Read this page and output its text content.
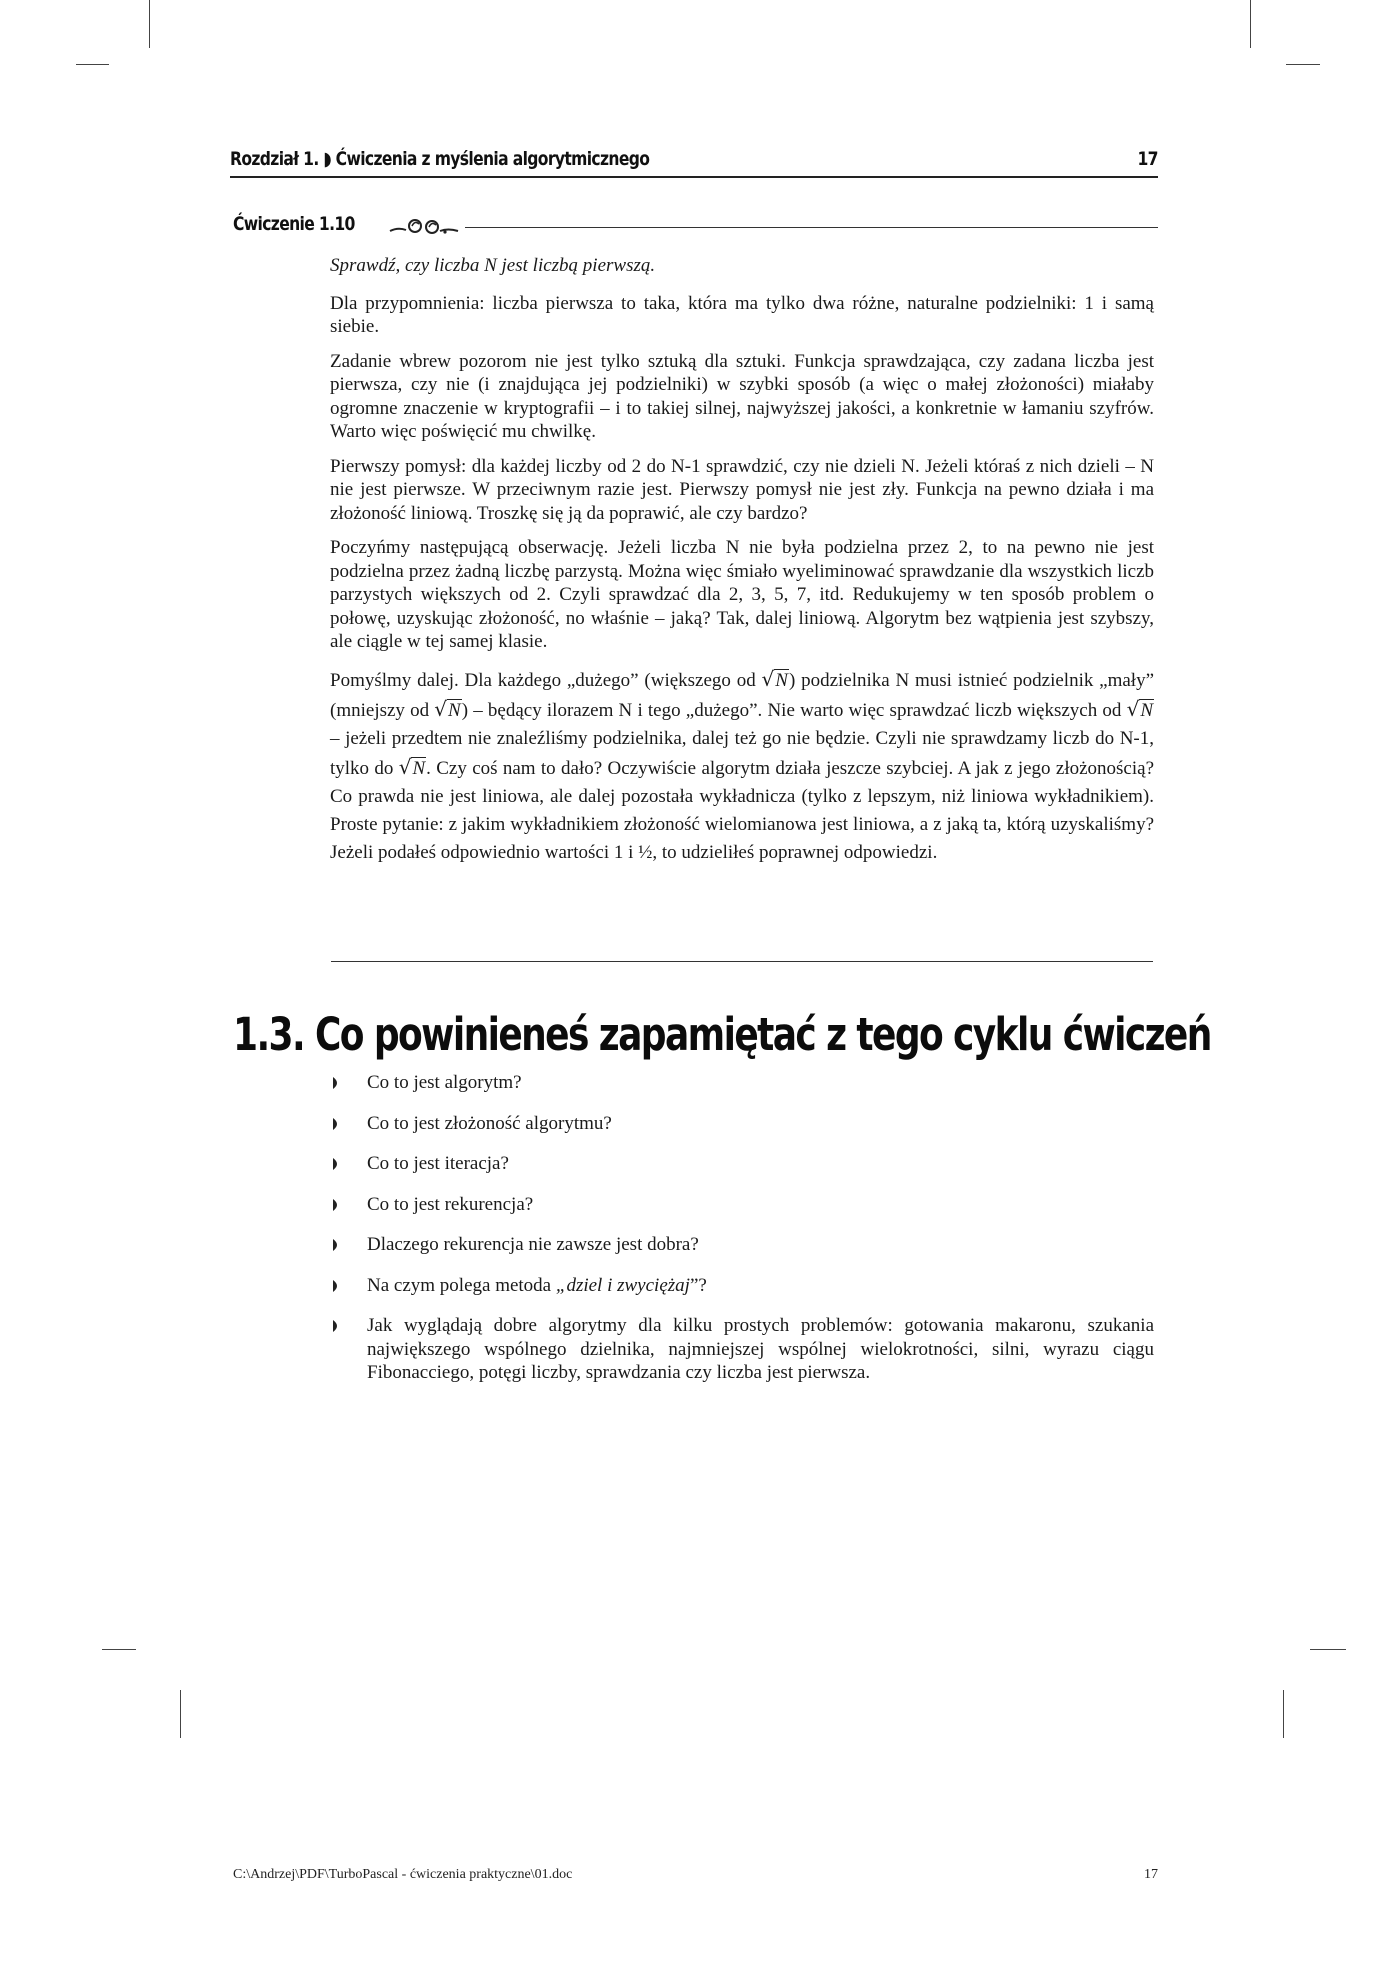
Rozdział 1. ◗ Ćwiczenia z myślenia algorytmicznego	17
Ćwiczenie 1.10

Sprawdź, czy liczba N jest liczbą pierwszą.

Dla przypomnienia: liczba pierwsza to taka, która ma tylko dwa różne, naturalne podzielniki: 1 i samą siebie.

Zadanie wbrew pozorom nie jest tylko sztuką dla sztuki. Funkcja sprawdzająca, czy zadana liczba jest pierwsza, czy nie (i znajdująca jej podzielniki) w szybki sposób (a więc o małej złożoności) miałaby ogromne znaczenie w kryptografii – i to takiej silnej, najwyższej jakości, a konkretnie w łamaniu szyfrów. Warto więc poświęcić mu chwilkę.

Pierwszy pomysł: dla każdej liczby od 2 do N-1 sprawdzić, czy nie dzieli N. Jeżeli któraś z nich dzieli – N nie jest pierwsze. W przeciwnym razie jest. Pierwszy pomysł nie jest zły. Funkcja na pewno działa i ma złożoność liniową. Troszkę się ją da poprawić, ale czy bardzo?

Poczyńmy następującą obserwację. Jeżeli liczba N nie była podzielna przez 2, to na pewno nie jest podzielna przez żadną liczbę parzystą. Można więc śmiało wyeliminować sprawdzanie dla wszystkich liczb parzystych większych od 2. Czyli sprawdzać dla 2, 3, 5, 7, itd. Redukujemy w ten sposób problem o połowę, uzyskując złożoność, no właśnie – jaką? Tak, dalej liniową. Algorytm bez wątpienia jest szybszy, ale ciągle w tej samej klasie.

Pomyślmy dalej. Dla każdego „dużego” (większego od √N) podzielnika N musi istnieć podzielnik „mały” (mniejszy od √N) – będący ilorazem N i tego „dużego”. Nie warto więc sprawdzać liczb większych od √N – jeżeli przedtem nie znaleźliśmy podzielnika, dalej też go nie będzie. Czyli nie sprawdzamy liczb do N-1, tylko do √N. Czy coś nam to dało? Oczywiście algorytm działa jeszcze szybciej. A jak z jego złożonością? Co prawda nie jest liniowa, ale dalej pozostała wykładnicza (tylko z lepszym, niż liniowa wykładnikiem). Proste pytanie: z jakim wykładnikiem złożoność wielomianowa jest liniowa, a z jaką ta, którą uzyskaliśmy? Jeżeli podałeś odpowiednio wartości 1 i ½, to udzieliłeś poprawnej odpowiedzi.

1.3. Co powinieneś zapamiętać z tego cyklu ćwiczeń
Co to jest algorytm?
Co to jest złożoność algorytmu?
Co to jest iteracja?
Co to jest rekurencja?
Dlaczego rekurencja nie zawsze jest dobra?
Na czym polega metoda „dziel i zwyciężaj”?
Jak wyglądają dobre algorytmy dla kilku prostych problemów: gotowania makaronu, szukania największego wspólnego dzielnika, najmniejszej wspólnej wielokrotności, silni, wyrazu ciągu Fibonacciego, potęgi liczby, sprawdzania czy liczba jest pierwsza.
C:\Andrzej\PDF\TurboPascal - ćwiczenia praktyczne\01.doc	17
